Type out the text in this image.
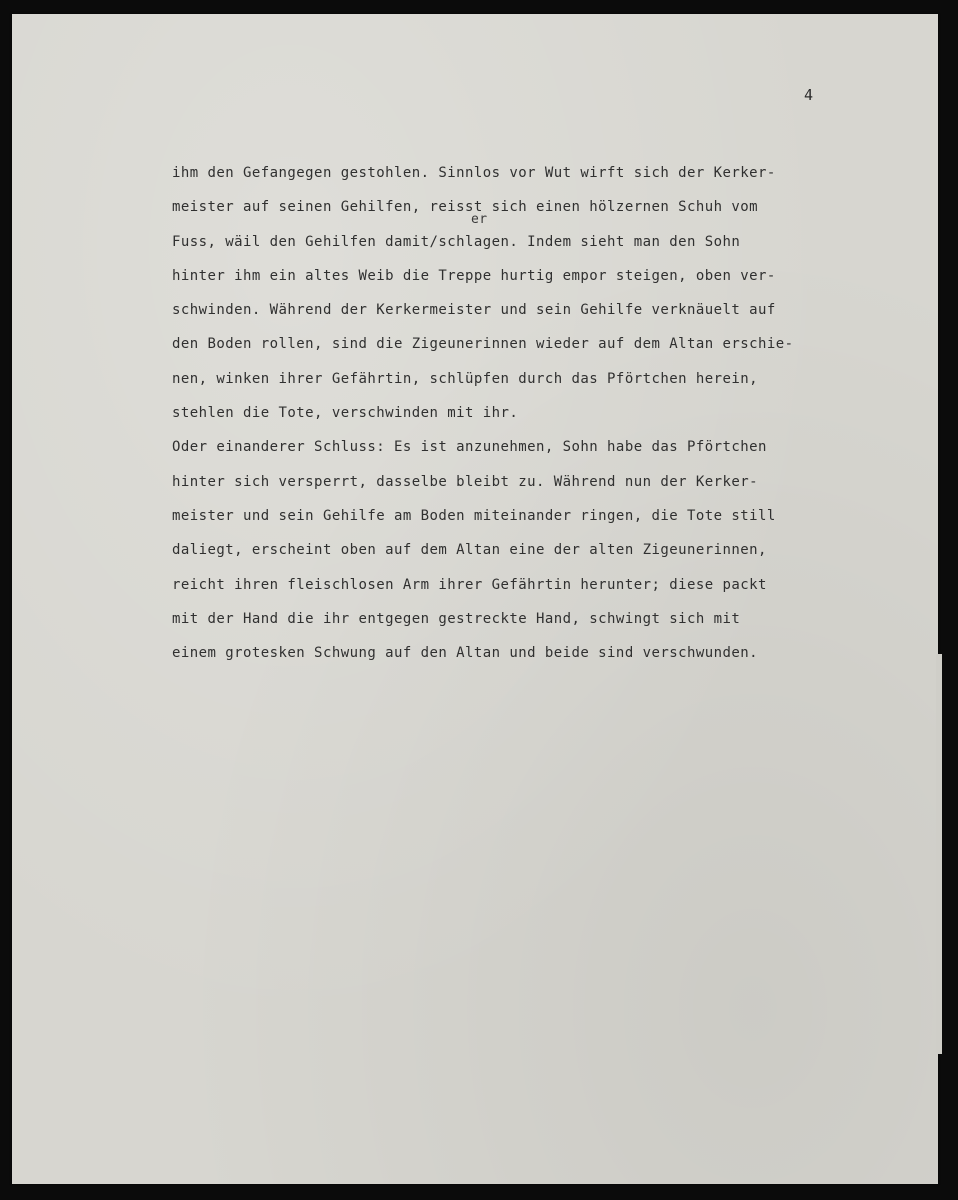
4
ihm den Gefangegen gestohlen. Sinnlos vor Wut wirft sich der Kerker-
meister auf seinen Gehilfen, reisst sich einen hölzernen Schuh vom
er
Fuss, wäil den Gehilfen damit/schlagen. Indem sieht man den Sohn
hinter ihm ein altes Weib die Treppe hurtig empor steigen, oben ver-
schwinden. Während der Kerkermeister und sein Gehilfe verknäuelt auf
den Boden rollen, sind die Zigeunerinnen wieder auf dem Altan erschie-
nen, winken ihrer Gefährtin, schlüpfen durch das Pförtchen herein,
stehlen die Tote, verschwinden mit ihr.
Oder einanderer Schluss: Es ist anzunehmen, Sohn habe das Pförtchen
hinter sich versperrt, dasselbe bleibt zu. Während nun der Kerker-
meister und sein Gehilfe am Boden miteinander ringen, die Tote still
daliegt, erscheint oben auf dem Altan eine der alten Zigeunerinnen,
reicht ihren fleischlosen Arm ihrer Gefährtin herunter; diese packt
mit der Hand die ihr entgegen gestreckte Hand, schwingt sich mit
einem grotesken Schwung auf den Altan und beide sind verschwunden.
